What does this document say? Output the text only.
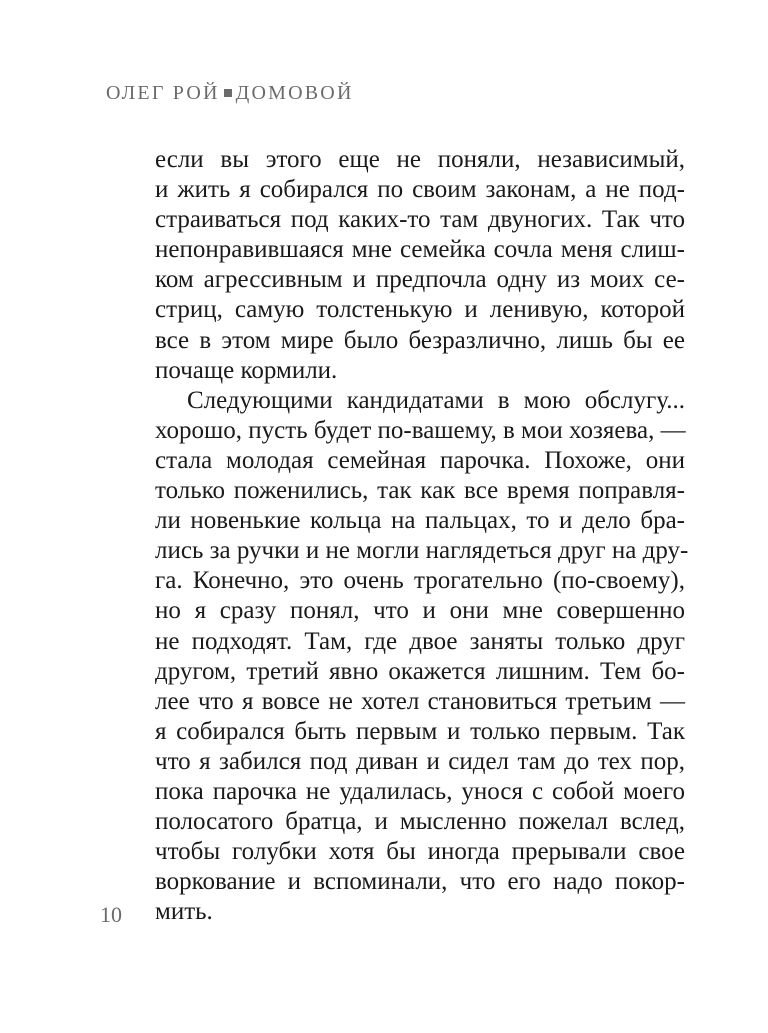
ОЛЕГ РОЙ ДОМОВОЙ
если вы этого еще не поняли, независимый,
и жить я собирался по своим законам, а не под-
страиваться под каких-то там двуногих. Так что
непонравившаяся мне семейка сочла меня слиш-
ком агрессивным и предпочла одну из моих се-
стриц, самую толстенькую и ленивую, которой
все в этом мире было безразлично, лишь бы ее
почаще кормили.
Следующими кандидатами в мою обслугу...
хорошо, пусть будет по-вашему, в мои хозяева, —
стала молодая семейная парочка. Похоже, они
только поженились, так как все время поправля-
ли новенькие кольца на пальцах, то и дело бра-
лись за ручки и не могли наглядеться друг на дру-
га. Конечно, это очень трогательно (по-своему),
но я сразу понял, что и они мне совершенно
не подходят. Там, где двое заняты только друг
другом, третий явно окажется лишним. Тем бо-
лее что я вовсе не хотел становиться третьим —
я собирался быть первым и только первым. Так
что я забился под диван и сидел там до тех пор,
пока парочка не удалилась, унося с собой моего
полосатого братца, и мысленно пожелал вслед,
чтобы голубки хотя бы иногда прерывали свое
воркование и вспоминали, что его надо покор-
мить.
10
